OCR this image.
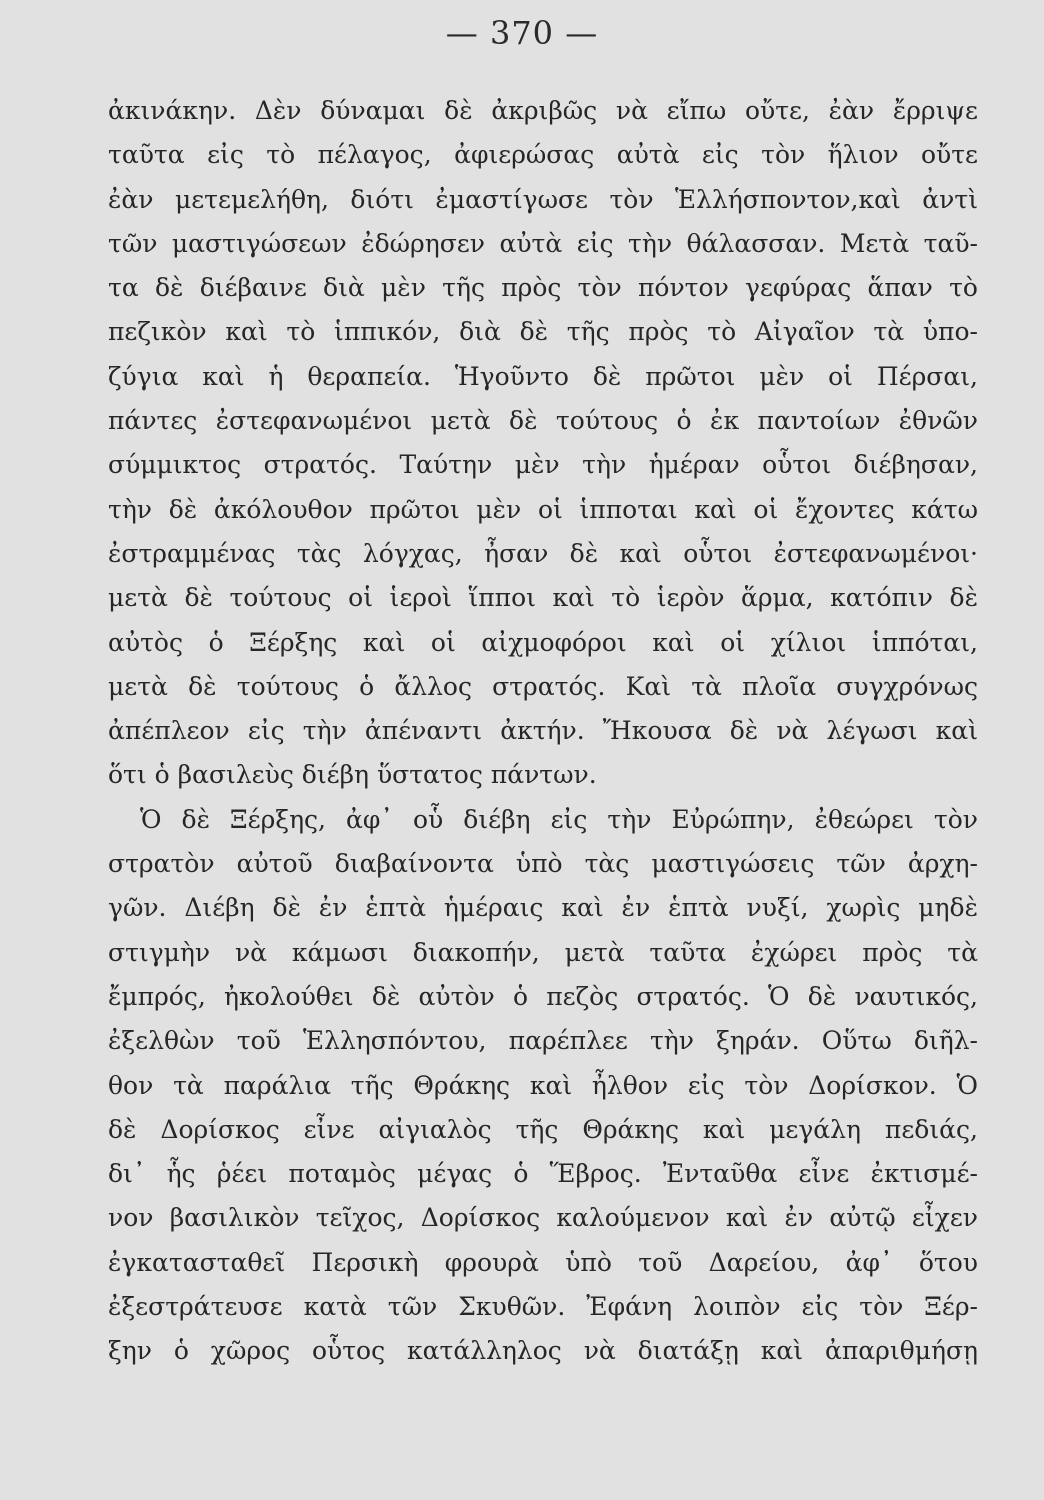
— 370 —
ἀκινάκην. Δὲν δύναμαι δὲ ἀκριβῶς νὰ εἴπω οὔτε, ἐὰν ἔρριψε
ταῦτα εἰς τὸ πέλαγος, ἀφιερώσας αὐτὰ εἰς τὸν ἥλιον οὔτε
ἐὰν μετεμελήθη, διότι ἐμαστίγωσε τὸν Ἑλλήσποντον,καὶ ἀντὶ
τῶν μαστιγώσεων ἐδώρησεν αὐτὰ εἰς τὴν θάλασσαν. Μετὰ ταῦ-
τα δὲ διέβαινε διὰ μὲν τῆς πρὸς τὸν πόντον γεφύρας ἅπαν τὸ
πεζικὸν καὶ τὸ ἱππικόν, διὰ δὲ τῆς πρὸς τὸ Αἰγαῖον τὰ ὑπο-
ζύγια καὶ ἡ θεραπεία. Ἡγοῦντο δὲ πρῶτοι μὲν οἱ Πέρσαι,
πάντες ἐστεφανωμένοι μετὰ δὲ τούτους ὁ ἐκ παντοίων ἐθνῶν
σύμμικτος στρατός. Ταύτην μὲν τὴν ἡμέραν οὗτοι διέβησαν,
τὴν δὲ ἀκόλουθον πρῶτοι μὲν οἱ ἱπποται καὶ οἱ ἔχοντες κάτω
ἐστραμμένας τὰς λόγχας, ἦσαν δὲ καὶ οὗτοι ἐστεφανωμένοι·
μετὰ δὲ τούτους οἱ ἱεροὶ ἵπποι καὶ τὸ ἱερὸν ἅρμα, κατόπιν δὲ
αὐτὸς ὁ Ξέρξης καὶ οἱ αἰχμοφόροι καὶ οἱ χίλιοι ἱππόται,
μετὰ δὲ τούτους ὁ ἄλλος στρατός. Καὶ τὰ πλοῖα συγχρόνως
ἀπέπλεον εἰς τὴν ἀπέναντι ἀκτήν. Ἤκουσα δὲ νὰ λέγωσι καὶ
ὅτι ὁ βασιλεὺς διέβη ὕστατος πάντων.
Ὁ δὲ Ξέρξης, ἀφ᾽ οὗ διέβη εἰς τὴν Εὐρώπην, ἐθεώρει τὸν
στρατὸν αὐτοῦ διαβαίνοντα ὑπὸ τὰς μαστιγώσεις τῶν ἀρχη-
γῶν. Διέβη δὲ ἐν ἑπτὰ ἡμέραις καὶ ἐν ἑπτὰ νυξί, χωρὶς μηδὲ
στιγμὴν νὰ κάμωσι διακοπήν, μετὰ ταῦτα ἐχώρει πρὸς τὰ
ἔμπρός, ἠκολούθει δὲ αὐτὸν ὁ πεζὸς στρατός. Ὁ δὲ ναυτικός,
ἐξελθὼν τοῦ Ἑλλησπόντου, παρέπλεε τὴν ξηράν. Οὕτω διῆλ-
θον τὰ παράλια τῆς Θράκης καὶ ἦλθον εἰς τὸν Δορίσκον. Ὁ
δὲ Δορίσκος εἶνε αἰγιαλὸς τῆς Θράκης καὶ μεγάλη πεδιάς,
δι᾽ ἧς ῥέει ποταμὸς μέγας ὁ Ἕβρος. Ἐνταῦθα εἶνε ἐκτισμέ-
νον βασιλικὸν τεῖχος, Δορίσκος καλούμενον καὶ ἐν αὐτῷ εἶχεν
ἐγκατασταθεῖ Περσικὴ φρουρὰ ὑπὸ τοῦ Δαρείου, ἀφ᾽ ὅτου
ἐξεστράτευσε κατὰ τῶν Σκυθῶν. Ἐφάνη λοιπὸν εἰς τὸν Ξέρ-
ξην ὁ χῶρος οὗτος κατάλληλος νὰ διατάξῃ καὶ ἀπαριθμήσῃ
